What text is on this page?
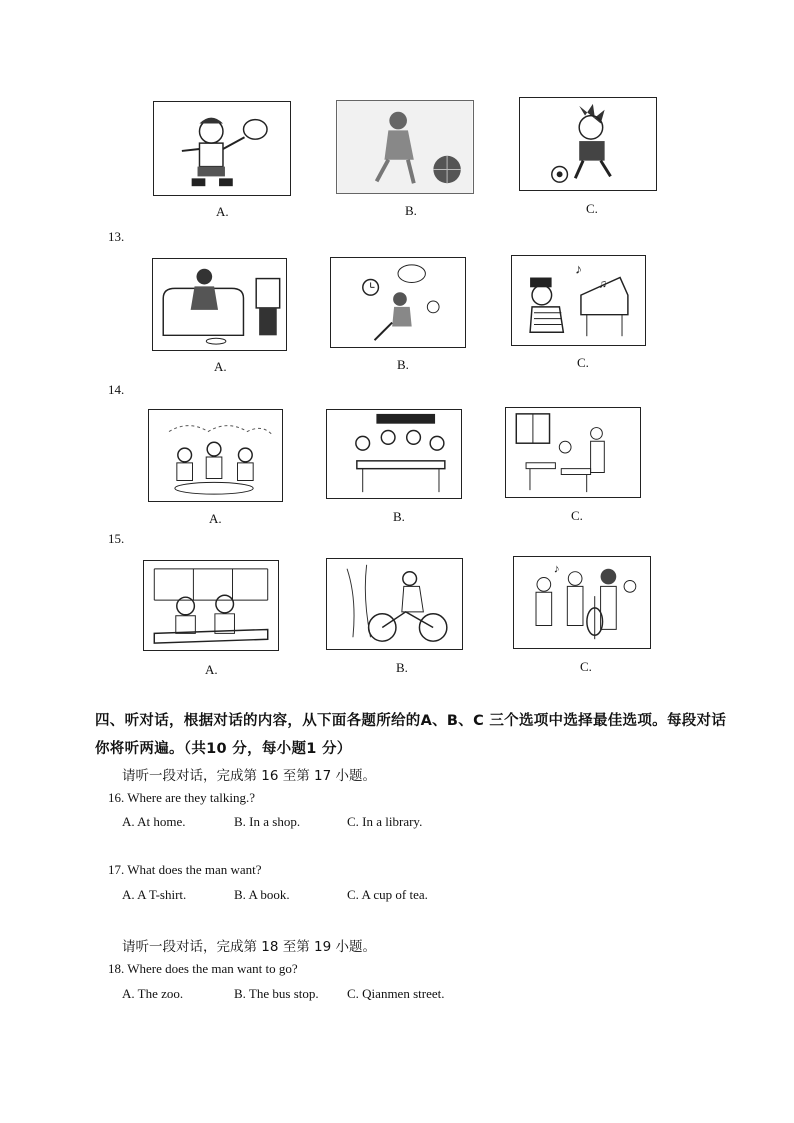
A.	B.	C.
13.
A.	B.
♪
♫
C.
14.
A.	B.	C.
15.
A.	B.
♪
C.
四、听对话，根据对话的内容，从下面各题所给的A、B、C 三个选项中选择最佳选项。每段对话
你将听两遍。（共10 分，每小题1 分）
请听一段对话，完成第 16 至第 17 小题。
16. Where are they talking.?
A. At home.	B. In a shop.	C. In a library.
17. What does the man want?
A. A T-shirt.	B. A book.	C. A cup of tea.
请听一段对话，完成第 18 至第 19 小题。
18. Where does the man want to go?
A. The zoo.	B. The bus stop. C. Qianmen street.
